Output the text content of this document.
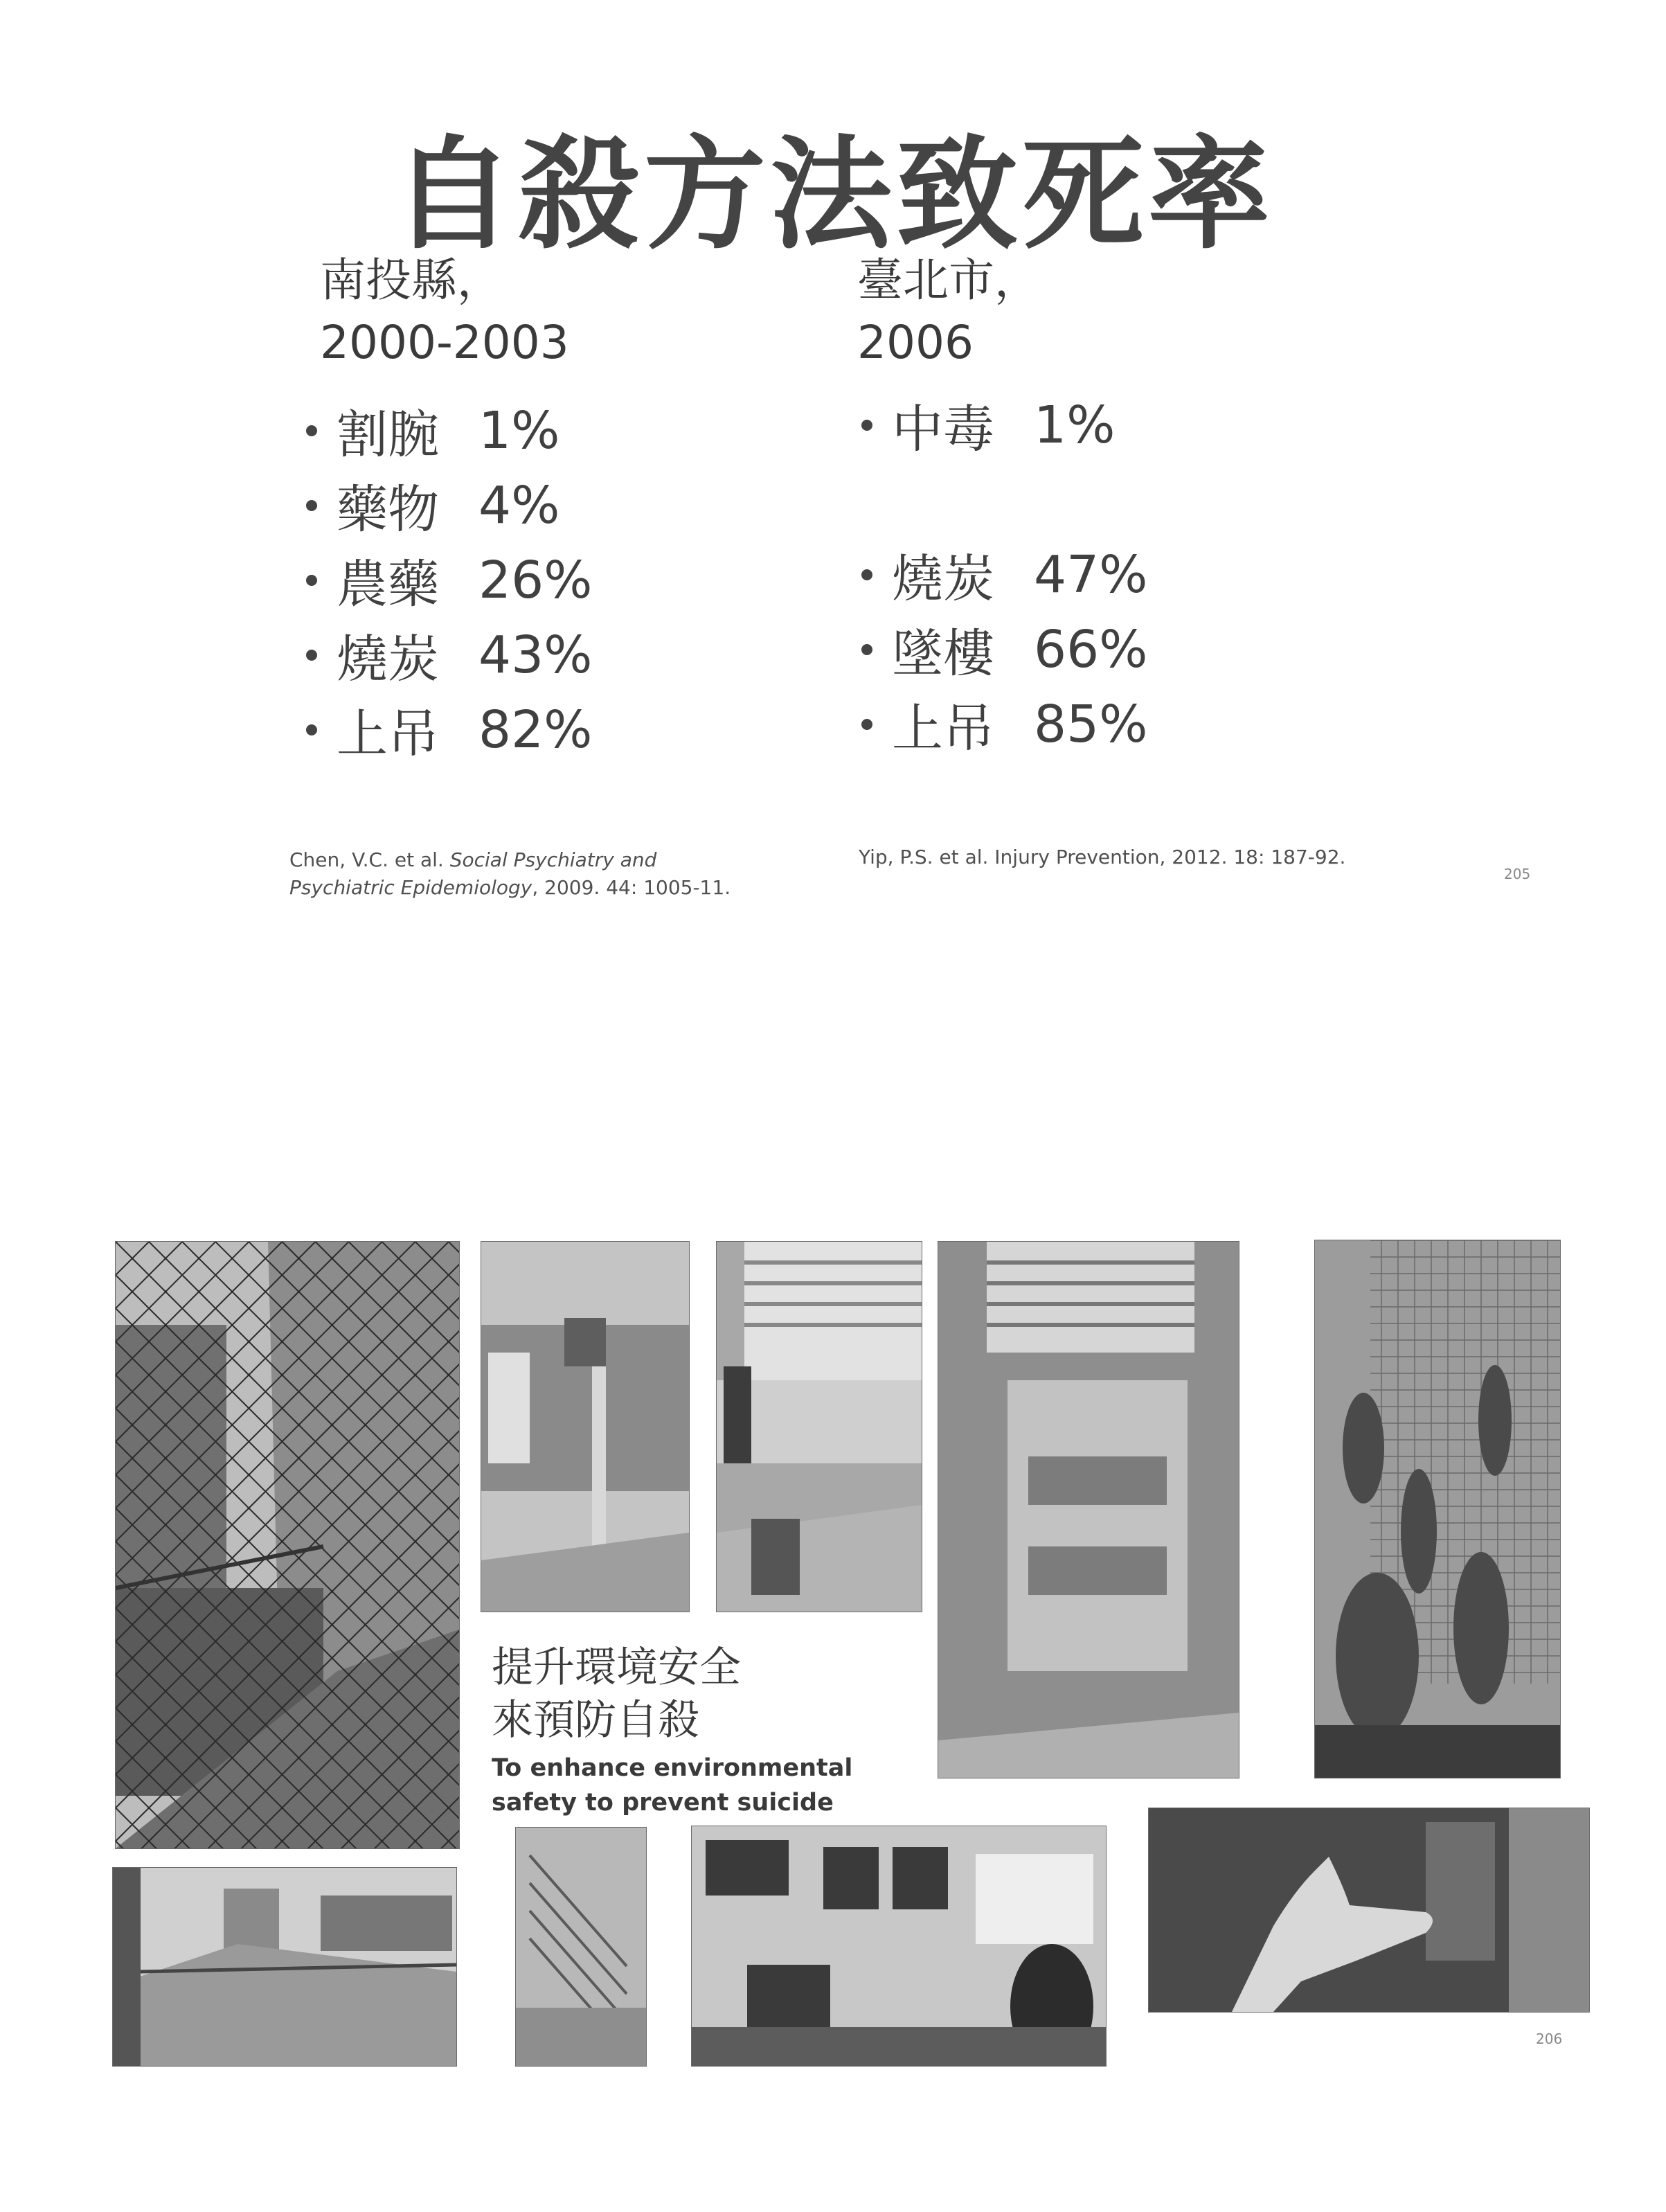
自殺方法致死率
南投縣，
2000-2003
割腕 1%
藥物 4%
農藥 26%
燒炭 43%
上吊 82%
臺北市，
2006
中毒 1%
燒炭 47%
墜樓 66%
上吊 85%
Chen, V.C. et al. Social Psychiatry and
Psychiatric Epidemiology, 2009. 44: 1005-11.
Yip, P.S. et al. Injury Prevention, 2012. 18: 187-92.
205
提升環境安全
來預防自殺
To enhance environmental
safety to prevent suicide
206
